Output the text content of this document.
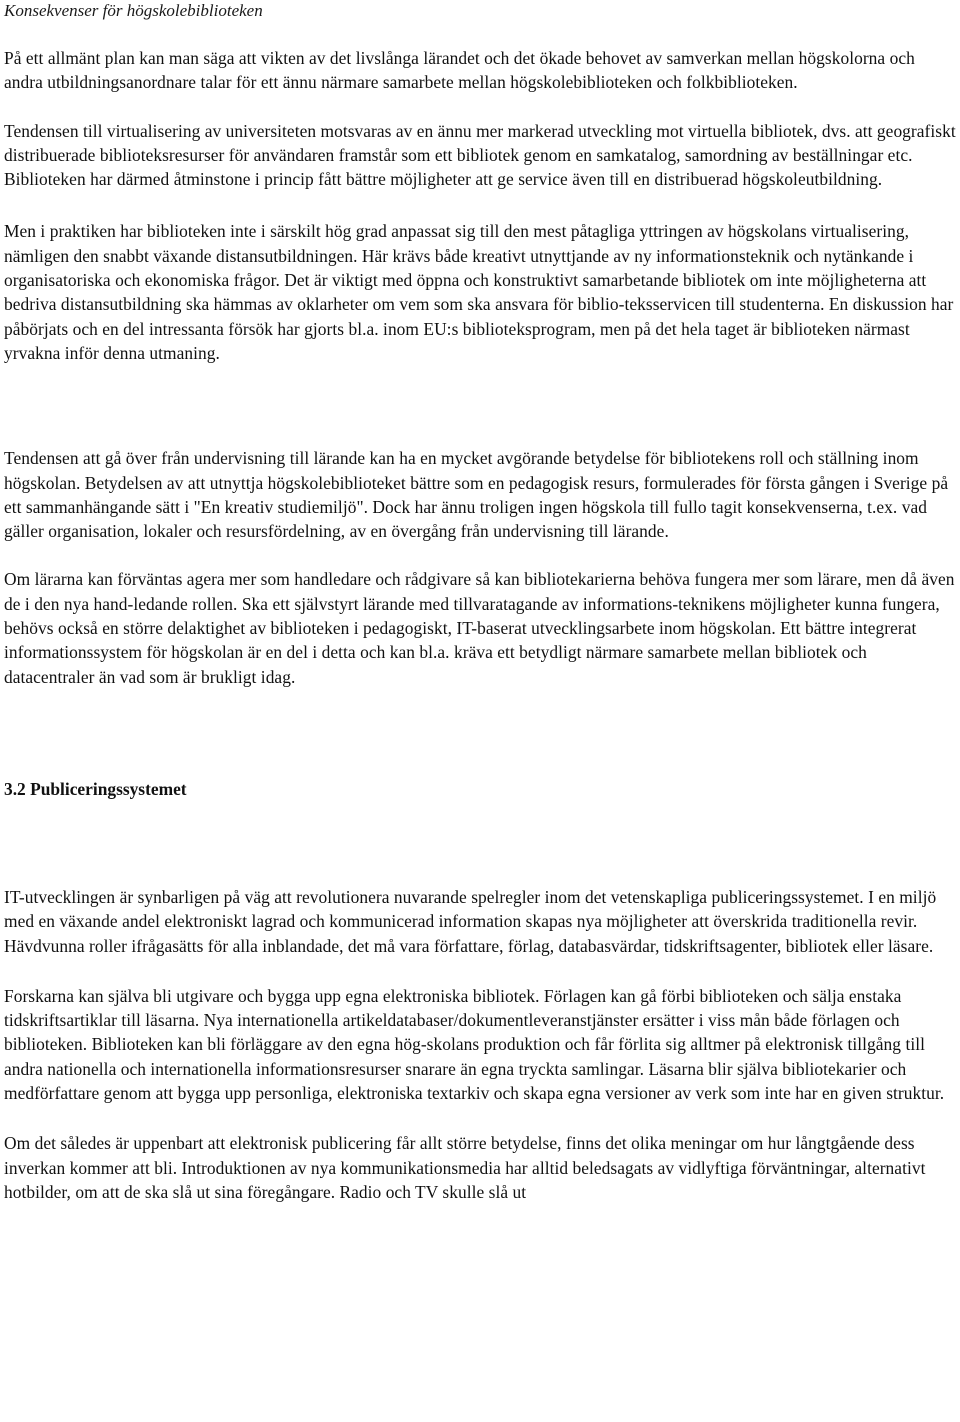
Konsekvenser för högskolebiblioteken

På ett allmänt plan kan man säga att vikten av det livslånga lärandet och det ökade behovet av samverkan mellan högskolorna och andra utbildningsanordnare talar för ett ännu närmare samarbete mellan högskolebiblioteken och folkbiblioteken.

Tendensen till virtualisering av universiteten motsvaras av en ännu mer markerad utveckling mot virtuella bibliotek, dvs. att geografiskt distribuerade biblioteksresurser för användaren framstår som ett bibliotek genom en samkatalog, samordning av beställningar etc. Biblioteken har därmed åtminstone i princip fått bättre möjligheter att ge service även till en distribuerad högskoleutbildning.

Men i praktiken har biblioteken inte i särskilt hög grad anpassat sig till den mest påtagliga yttringen av högskolans virtualisering, nämligen den snabbt växande distansutbildningen. Här krävs både kreativt utnyttjande av ny informationsteknik och nytänkande i organisatoriska och ekonomiska frågor. Det är viktigt med öppna och konstruktivt samarbetande bibliotek om inte möjligheterna att bedriva distansutbildning ska hämmas av oklarheter om vem som ska ansvara för biblio-teksservicen till studenterna. En diskussion har påbörjats och en del intressanta försök har gjorts bl.a. inom EU:s biblioteksprogram, men på det hela taget är biblioteken närmast yrvakna inför denna utmaning.

Tendensen att gå över från undervisning till lärande kan ha en mycket avgörande betydelse för bibliotekens roll och ställning inom högskolan. Betydelsen av att utnyttja högskolebiblioteket bättre som en pedagogisk resurs, formulerades för första gången i Sverige på ett sammanhängande sätt i "En kreativ studiemiljö". Dock har ännu troligen ingen högskola till fullo tagit konsekvenserna, t.ex. vad gäller organisation, lokaler och resursfördelning, av en övergång från undervisning till lärande.

Om lärarna kan förväntas agera mer som handledare och rådgivare så kan bibliotekarierna behöva fungera mer som lärare, men då även de i den nya hand-ledande rollen. Ska ett självstyrt lärande med tillvaratagande av informations-teknikens möjligheter kunna fungera, behövs också en större delaktighet av biblioteken i pedagogiskt, IT-baserat utvecklingsarbete inom högskolan. Ett bättre integrerat informationssystem för högskolan är en del i detta och kan bl.a. kräva ett betydligt närmare samarbete mellan bibliotek och datacentraler än vad som är brukligt idag.

3.2 Publiceringssystemet

IT-utvecklingen är synbarligen på väg att revolutionera nuvarande spelregler inom det vetenskapliga publiceringssystemet. I en miljö med en växande andel elektroniskt lagrad och kommunicerad information skapas nya möjligheter att överskrida traditionella revir. Hävdvunna roller ifrågasätts för alla inblandade, det må vara författare, förlag, databasvärdar, tidskriftsagenter, bibliotek eller läsare.

Forskarna kan själva bli utgivare och bygga upp egna elektroniska bibliotek. Förlagen kan gå förbi biblioteken och sälja enstaka tidskriftsartiklar till läsarna. Nya internationella artikeldatabaser/dokumentleveranstjänster ersätter i viss mån både förlagen och biblioteken. Biblioteken kan bli förläggare av den egna hög-skolans produktion och får förlita sig alltmer på elektronisk tillgång till andra nationella och internationella informationsresurser snarare än egna tryckta samlingar. Läsarna blir själva bibliotekarier och medförfattare genom att bygga upp personliga, elektroniska textarkiv och skapa egna versioner av verk som inte har en given struktur.

Om det således är uppenbart att elektronisk publicering får allt större betydelse, finns det olika meningar om hur långtgående dess inverkan kommer att bli. Introduktionen av nya kommunikationsmedia har alltid beledsagats av vidlyftiga förväntningar, alternativt hotbilder, om att de ska slå ut sina föregångare. Radio och TV skulle slå ut
